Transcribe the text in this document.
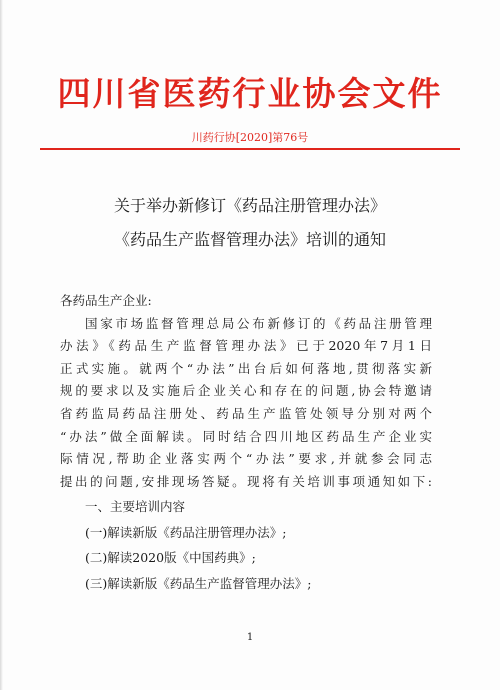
四川省医药行业协会文件
川药行协[2020]第76号
关于举办新修订《药品注册管理办法》
《药品生产监督管理办法》培训的通知

各药品生产企业:

国家市场监督管理总局公布新修订的《药品注册管理
办法》《药品生产监督管理办法》已于2020年7月1日
正式实施。就两个“办法”出台后如何落地,贯彻落实新
规的要求以及实施后企业关心和存在的问题,协会特邀请
省药监局药品注册处、药品生产监管处领导分别对两个
“办法”做全面解读。同时结合四川地区药品生产企业实
际情况,帮助企业落实两个“办法”要求,并就参会同志
提出的问题,安排现场答疑。现将有关培训事项通知如下:

一、主要培训内容

(一)解读新版《药品注册管理办法》;

(二)解读2020版《中国药典》;

(三)解读新版《药品生产监督管理办法》;

1
